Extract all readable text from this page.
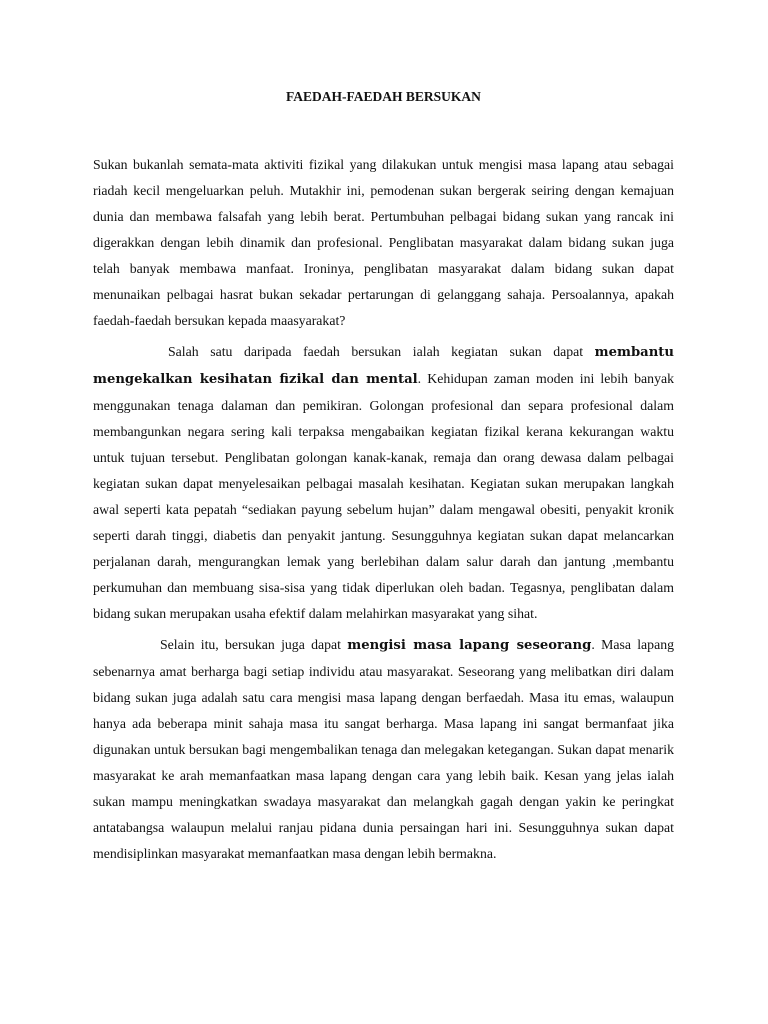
FAEDAH-FAEDAH BERSUKAN

Sukan bukanlah semata-mata aktiviti fizikal yang dilakukan untuk mengisi masa lapang atau sebagai riadah kecil mengeluarkan peluh. Mutakhir ini, pemodenan sukan bergerak seiring dengan kemajuan dunia dan membawa falsafah yang lebih berat. Pertumbuhan pelbagai bidang sukan yang rancak ini digerakkan dengan lebih dinamik dan profesional. Penglibatan masyarakat dalam bidang sukan juga telah banyak membawa manfaat. Ironinya, penglibatan masyarakat dalam bidang sukan dapat menunaikan pelbagai hasrat bukan sekadar pertarungan di gelanggang sahaja. Persoalannya, apakah faedah-faedah bersukan kepada maasyarakat?

Salah satu daripada faedah bersukan ialah kegiatan sukan dapat membantu mengekalkan kesihatan fizikal dan mental. Kehidupan zaman moden ini lebih banyak menggunakan tenaga dalaman dan pemikiran. Golongan profesional dan separa profesional dalam membangunkan negara sering kali terpaksa mengabaikan kegiatan fizikal kerana kekurangan waktu untuk tujuan tersebut. Penglibatan golongan kanak-kanak, remaja dan orang dewasa dalam pelbagai kegiatan sukan dapat menyelesaikan pelbagai masalah kesihatan. Kegiatan sukan merupakan langkah awal seperti kata pepatah “sediakan payung sebelum hujan” dalam mengawal obesiti, penyakit kronik seperti darah tinggi, diabetis dan penyakit jantung. Sesungguhnya kegiatan sukan dapat melancarkan perjalanan darah, mengurangkan lemak yang berlebihan dalam salur darah dan jantung ,membantu perkumuhan dan membuang sisa-sisa yang tidak diperlukan oleh badan. Tegasnya, penglibatan dalam bidang sukan merupakan usaha efektif dalam melahirkan masyarakat yang sihat.

Selain itu, bersukan juga dapat mengisi masa lapang seseorang. Masa lapang sebenarnya amat berharga bagi setiap individu atau masyarakat. Seseorang yang melibatkan diri dalam bidang sukan juga adalah satu cara mengisi masa lapang dengan berfaedah. Masa itu emas, walaupun hanya ada beberapa minit sahaja masa itu sangat berharga. Masa lapang ini sangat bermanfaat jika digunakan untuk bersukan bagi mengembalikan tenaga dan melegakan ketegangan. Sukan dapat menarik masyarakat ke arah memanfaatkan masa lapang dengan cara yang lebih baik. Kesan yang jelas ialah sukan mampu meningkatkan swadaya masyarakat dan melangkah gagah dengan yakin ke peringkat antatabangsa walaupun melalui ranjau pidana dunia persaingan hari ini. Sesungguhnya sukan dapat mendisiplinkan masyarakat memanfaatkan masa dengan lebih bermakna.
